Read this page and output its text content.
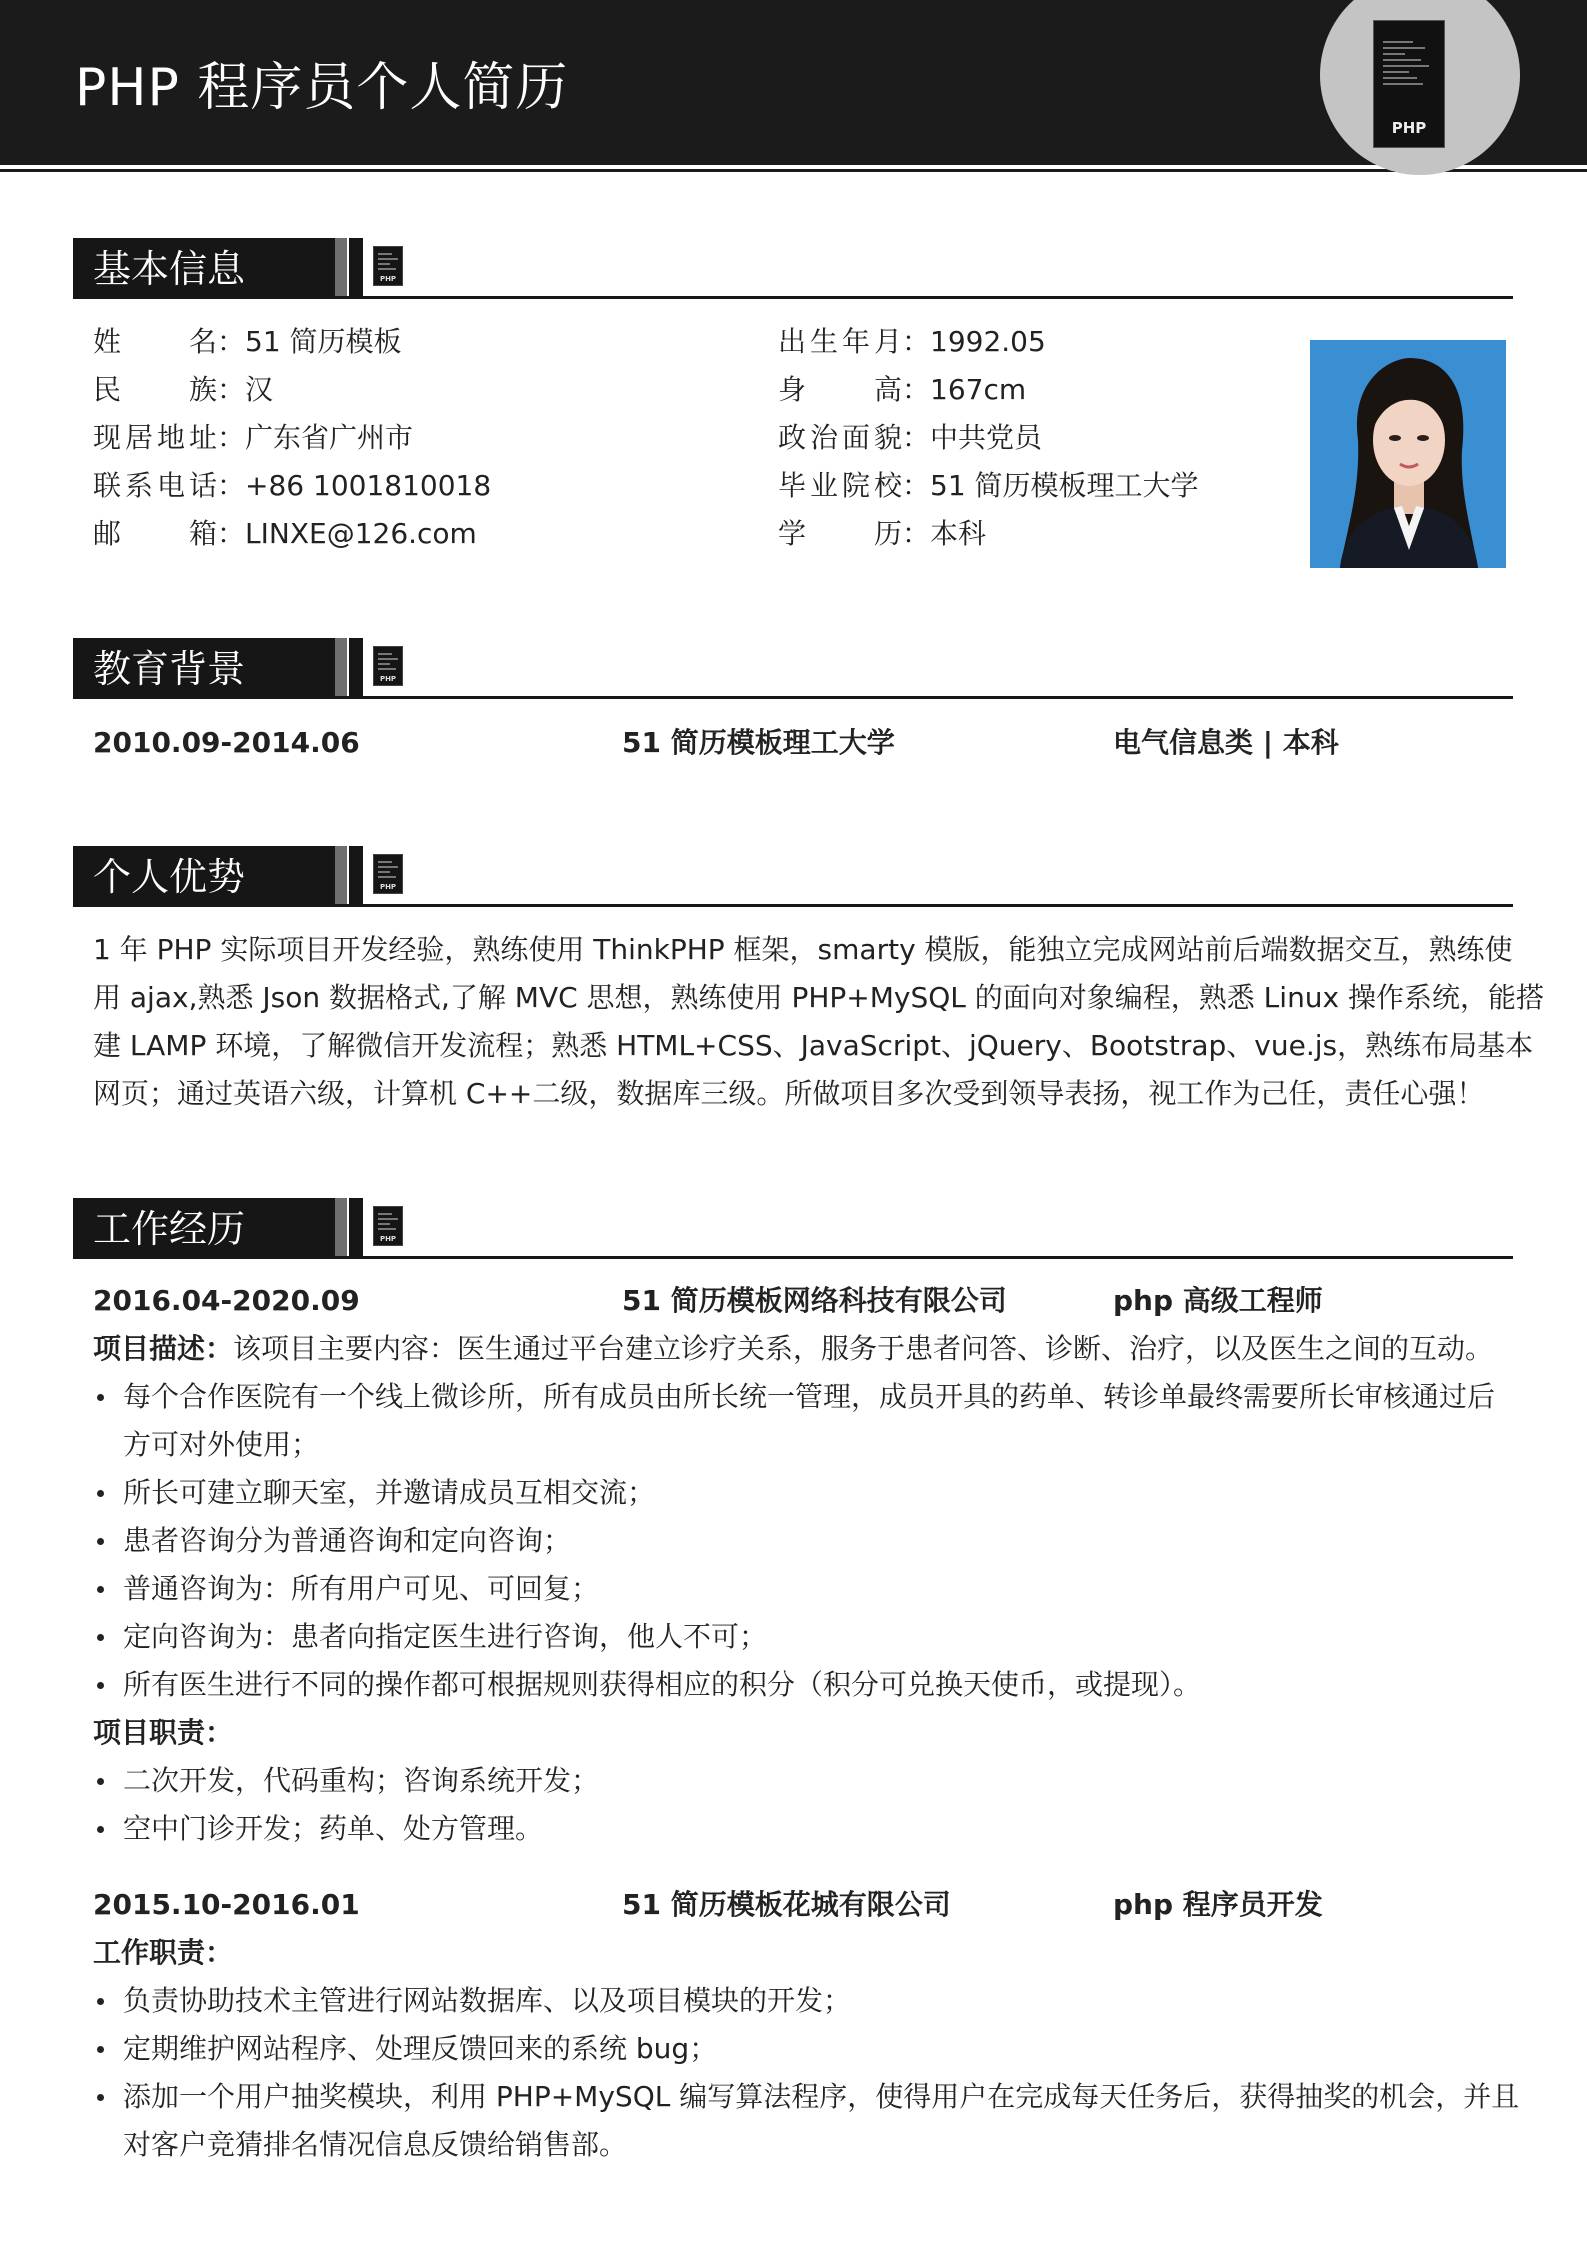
PHP 程序员个人简历
PHP
基本信息	PHP
姓名：51 简历模板
民族：汉
现居地址：广东省广州市
联系电话：+86 1001810018
邮箱：LINXE@126.com
出生年月：1992.05
身高：167cm
政治面貌：中共党员
毕业院校：51 简历模板理工大学
学历：本科
教育背景	PHP
2010.09-2014.06	51 简历模板理工大学	电气信息类 | 本科
个人优势	PHP
1 年 PHP 实际项目开发经验，熟练使用 ThinkPHP 框架，smarty 模版，能独立完成网站前后端数据交互，熟练使
用 ajax,熟悉 Json 数据格式,了解 MVC 思想，熟练使用 PHP+MySQL 的面向对象编程，熟悉 Linux 操作系统，能搭
建 LAMP 环境，了解微信开发流程；熟悉 HTML+CSS、JavaScript、jQuery、Bootstrap、vue.js，熟练布局基本
网页；通过英语六级，计算机 C++二级，数据库三级。所做项目多次受到领导表扬，视工作为己任，责任心强！
工作经历	PHP
2016.04-2020.09	51 简历模板网络科技有限公司	php 高级工程师
项目描述：该项目主要内容：医生通过平台建立诊疗关系，服务于患者问答、诊断、治疗，以及医生之间的互动。
每个合作医院有一个线上微诊所，所有成员由所长统一管理，成员开具的药单、转诊单最终需要所长审核通过后
方可对外使用；
所长可建立聊天室，并邀请成员互相交流；
患者咨询分为普通咨询和定向咨询；
普通咨询为：所有用户可见、可回复；
定向咨询为：患者向指定医生进行咨询，他人不可；
所有医生进行不同的操作都可根据规则获得相应的积分（积分可兑换天使币，或提现）。
项目职责：
二次开发，代码重构；咨询系统开发；
空中门诊开发；药单、处方管理。
2015.10-2016.01	51 简历模板花城有限公司	php 程序员开发
工作职责：
负责协助技术主管进行网站数据库、以及项目模块的开发；
定期维护网站程序、处理反馈回来的系统 bug；
添加一个用户抽奖模块，利用 PHP+MySQL 编写算法程序，使得用户在完成每天任务后，获得抽奖的机会，并且
对客户竞猜排名情况信息反馈给销售部。
